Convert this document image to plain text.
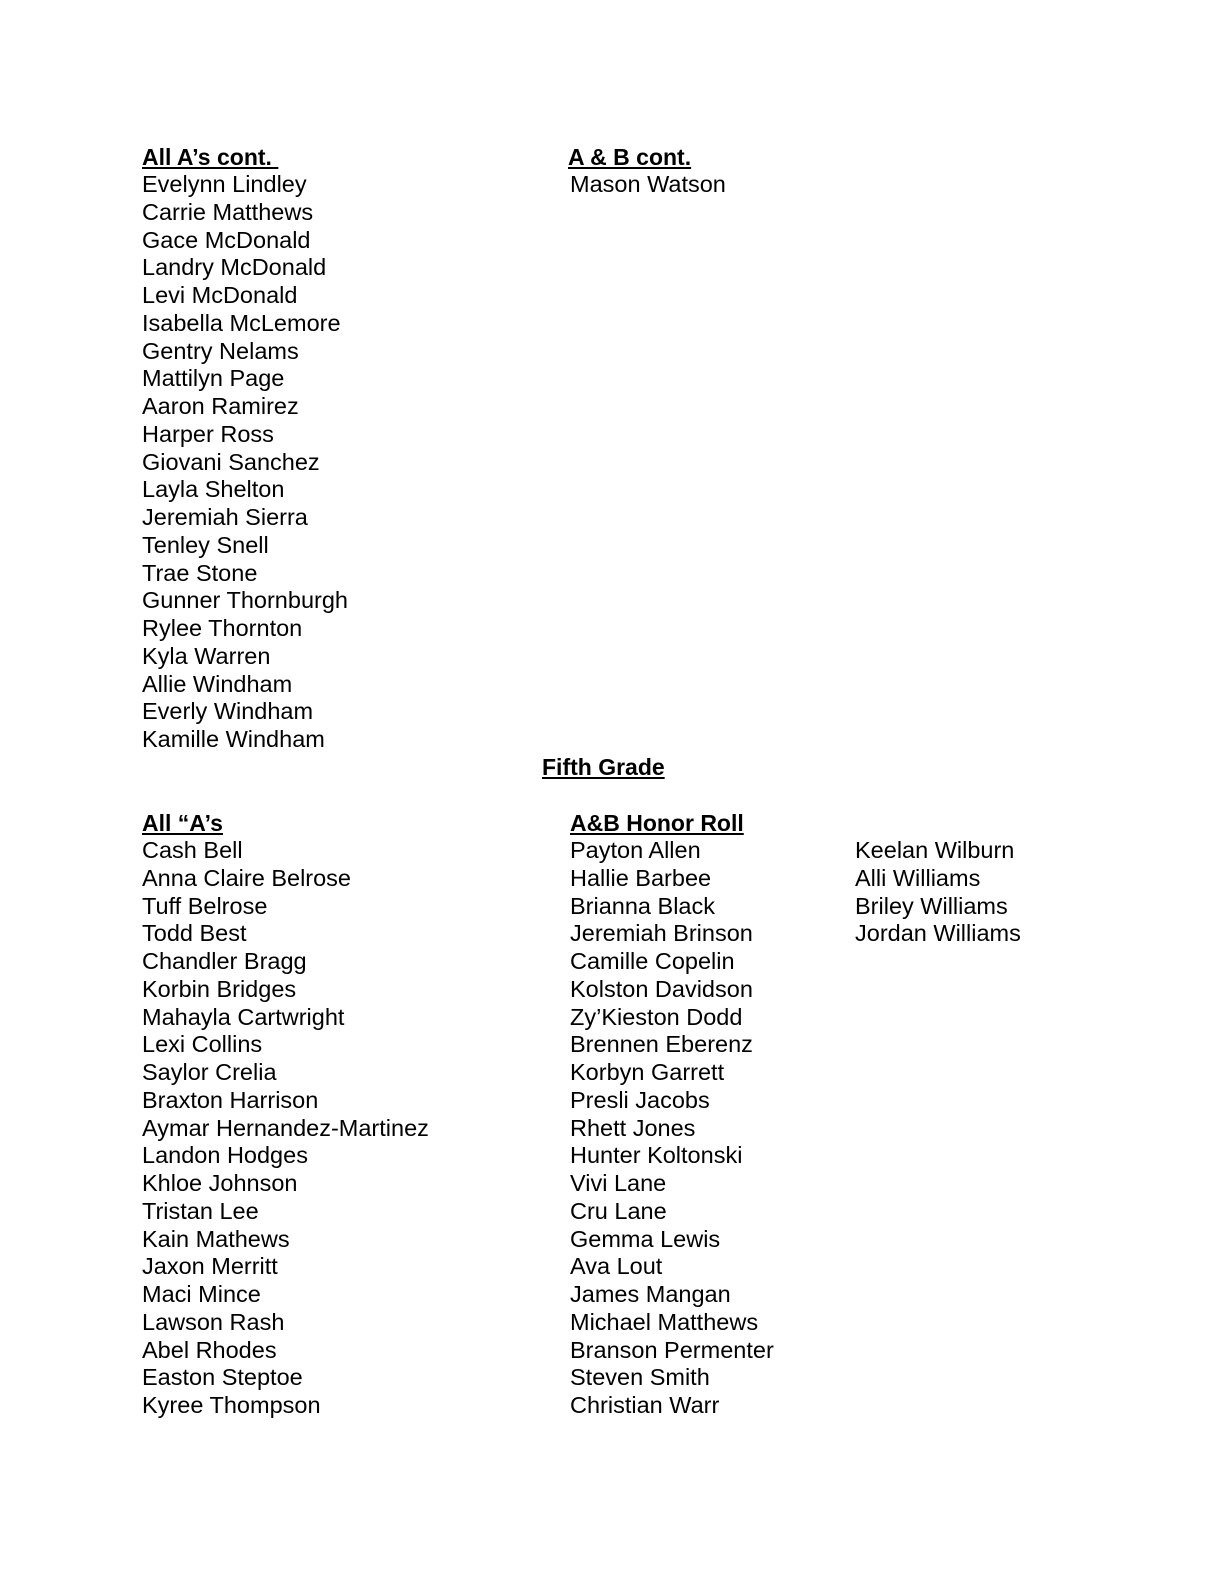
All A’s cont.
Evelynn Lindley
Carrie Matthews
Gace McDonald
Landry McDonald
Levi McDonald
Isabella McLemore
Gentry Nelams
Mattilyn Page
Aaron Ramirez
Harper Ross
Giovani Sanchez
Layla Shelton
Jeremiah Sierra
Tenley Snell
Trae Stone
Gunner Thornburgh
Rylee Thornton
Kyla Warren
Allie Windham
Everly Windham
Kamille Windham
A & B cont.
Mason Watson
Fifth Grade
All “A’s
Cash Bell
Anna Claire Belrose
Tuff Belrose
Todd Best
Chandler Bragg
Korbin Bridges
Mahayla Cartwright
Lexi Collins
Saylor Crelia
Braxton Harrison
Aymar Hernandez-Martinez
Landon Hodges
Khloe Johnson
Tristan Lee
Kain Mathews
Jaxon Merritt
Maci Mince
Lawson Rash
Abel Rhodes
Easton Steptoe
Kyree Thompson
A&B Honor Roll
Payton Allen
Hallie Barbee
Brianna Black
Jeremiah Brinson
Camille Copelin
Kolston Davidson
Zy’Kieston Dodd
Brennen Eberenz
Korbyn Garrett
Presli Jacobs
Rhett Jones
Hunter Koltonski
Vivi Lane
Cru Lane
Gemma Lewis
Ava Lout
James Mangan
Michael Matthews
Branson Permenter
Steven Smith
Christian Warr
Keelan Wilburn
Alli Williams
Briley Williams
Jordan Williams
